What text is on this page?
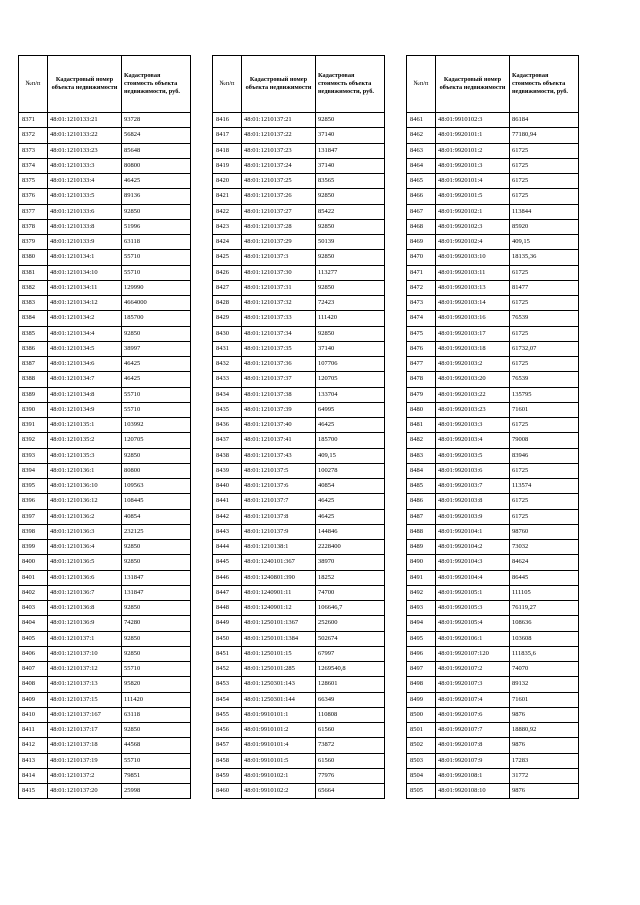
№п/п	Кадастровый номер объекта недвижимости	Кадастровая стоимость объекта недвижимости, руб.
8371	48:01:1210133:21	93728
8372	48:01:1210133:22	56824
8373	48:01:1210133:23	85648
8374	48:01:1210133:3	80800
8375	48:01:1210133:4	46425
8376	48:01:1210133:5	89136
8377	48:01:1210133:6	92850
8378	48:01:1210133:8	51996
8379	48:01:1210133:9	63118
8380	48:01:1210134:1	55710
8381	48:01:1210134:10	55710
8382	48:01:1210134:11	129990
8383	48:01:1210134:12	4664000
8384	48:01:1210134:2	185700
8385	48:01:1210134:4	92850
8386	48:01:1210134:5	38997
8387	48:01:1210134:6	46425
8388	48:01:1210134:7	46425
8389	48:01:1210134:8	55710
8390	48:01:1210134:9	55710
8391	48:01:1210135:1	103992
8392	48:01:1210135:2	120705
8393	48:01:1210135:3	92850
8394	48:01:1210136:1	80800
8395	48:01:1210136:10	109563
8396	48:01:1210136:12	108445
8397	48:01:1210136:2	40854
8398	48:01:1210136:3	232125
8399	48:01:1210136:4	92850
8400	48:01:1210136:5	92850
8401	48:01:1210136:6	131847
8402	48:01:1210136:7	131847
8403	48:01:1210136:8	92850
8404	48:01:1210136:9	74280
8405	48:01:1210137:1	92850
8406	48:01:1210137:10	92850
8407	48:01:1210137:12	55710
8408	48:01:1210137:13	95820
8409	48:01:1210137:15	111420
8410	48:01:1210137:167	63118
8411	48:01:1210137:17	92850
8412	48:01:1210137:18	44568
8413	48:01:1210137:19	55710
8414	48:01:1210137:2	79851
8415	48:01:1210137:20	25998
№п/п	Кадастровый номер объекта недвижимости	Кадастровая стоимость объекта недвижимости, руб.
8416	48:01:1210137:21	92850
8417	48:01:1210137:22	37140
8418	48:01:1210137:23	131847
8419	48:01:1210137:24	37140
8420	48:01:1210137:25	83565
8421	48:01:1210137:26	92850
8422	48:01:1210137:27	85422
8423	48:01:1210137:28	92850
8424	48:01:1210137:29	50139
8425	48:01:1210137:3	92850
8426	48:01:1210137:30	113277
8427	48:01:1210137:31	92850
8428	48:01:1210137:32	72423
8429	48:01:1210137:33	111420
8430	48:01:1210137:34	92850
8431	48:01:1210137:35	37140
8432	48:01:1210137:36	107706
8433	48:01:1210137:37	120705
8434	48:01:1210137:38	133704
8435	48:01:1210137:39	64995
8436	48:01:1210137:40	46425
8437	48:01:1210137:41	185700
8438	48:01:1210137:43	409,15
8439	48:01:1210137:5	100278
8440	48:01:1210137:6	40854
8441	48:01:1210137:7	46425
8442	48:01:1210137:8	46425
8443	48:01:1210137:9	144846
8444	48:01:1210138:1	2228400
8445	48:01:1240101:367	38970
8446	48:01:1240801:390	18252
8447	48:01:1240901:11	74700
8448	48:01:1240901:12	106646,7
8449	48:01:1250101:1367	252600
8450	48:01:1250101:1384	502674
8451	48:01:1250101:15	67997
8452	48:01:1250101:285	1269540,8
8453	48:01:1250301:143	128601
8454	48:01:1250301:144	66349
8455	48:01:9910101:1	110808
8456	48:01:9910101:2	61560
8457	48:01:9910101:4	73872
8458	48:01:9910101:5	61560
8459	48:01:9910102:1	77976
8460	48:01:9910102:2	65664
№п/п	Кадастровый номер объекта недвижимости	Кадастровая стоимость объекта недвижимости, руб.
8461	48:01:9910102:3	86184
8462	48:01:9920101:1	77180,94
8463	48:01:9920101:2	61725
8464	48:01:9920101:3	61725
8465	48:01:9920101:4	61725
8466	48:01:9920101:5	61725
8467	48:01:9920102:1	113844
8468	48:01:9920102:3	85920
8469	48:01:9920102:4	409,15
8470	48:01:9920103:10	18135,36
8471	48:01:9920103:11	61725
8472	48:01:9920103:13	81477
8473	48:01:9920103:14	61725
8474	48:01:9920103:16	76539
8475	48:01:9920103:17	61725
8476	48:01:9920103:18	61732,07
8477	48:01:9920103:2	61725
8478	48:01:9920103:20	76539
8479	48:01:9920103:22	135795
8480	48:01:9920103:23	71601
8481	48:01:9920103:3	61725
8482	48:01:9920103:4	79008
8483	48:01:9920103:5	83946
8484	48:01:9920103:6	61725
8485	48:01:9920103:7	113574
8486	48:01:9920103:8	61725
8487	48:01:9920103:9	61725
8488	48:01:9920104:1	98760
8489	48:01:9920104:2	73032
8490	48:01:9920104:3	84624
8491	48:01:9920104:4	86445
8492	48:01:9920105:1	111105
8493	48:01:9920105:3	76119,27
8494	48:01:9920105:4	108636
8495	48:01:9920106:1	103608
8496	48:01:9920107:120	111835,6
8497	48:01:9920107:2	74070
8498	48:01:9920107:3	89132
8499	48:01:9920107:4	71601
8500	48:01:9920107:6	9876
8501	48:01:9920107:7	18880,92
8502	48:01:9920107:8	9876
8503	48:01:9920107:9	17283
8504	48:01:9920108:1	31772
8505	48:01:9920108:10	9876
